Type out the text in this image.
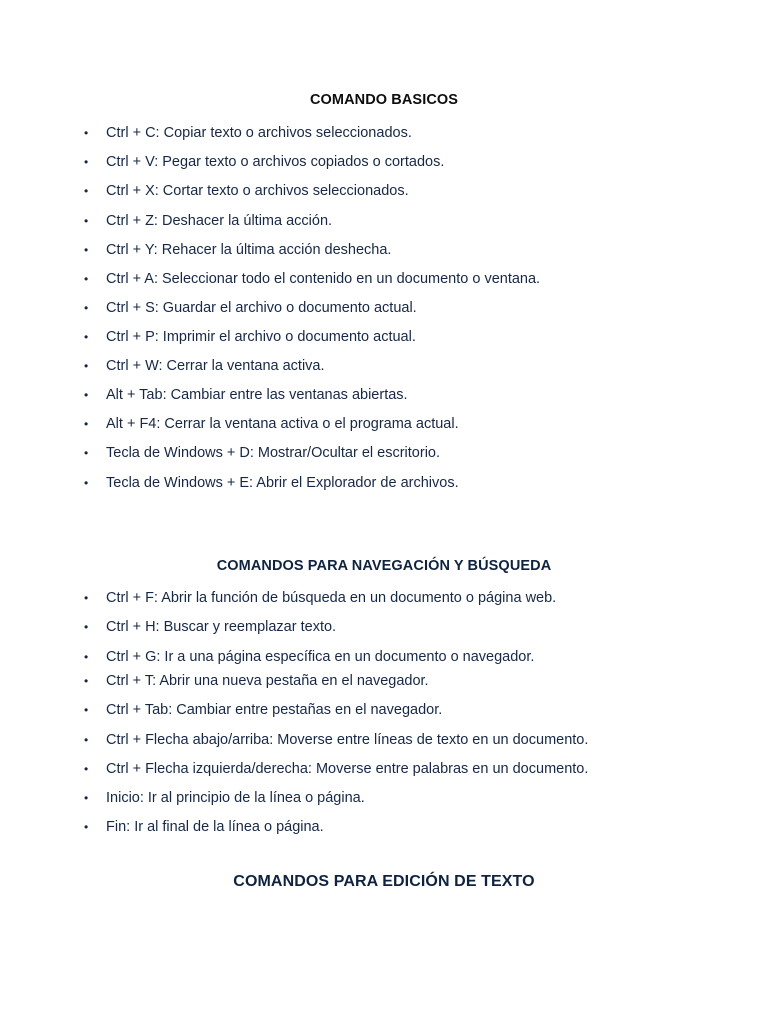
COMANDO BASICOS
• Ctrl + C: Copiar texto o archivos seleccionados.
• Ctrl + V: Pegar texto o archivos copiados o cortados.
• Ctrl + X: Cortar texto o archivos seleccionados.
• Ctrl + Z: Deshacer la última acción.
• Ctrl + Y: Rehacer la última acción deshecha.
• Ctrl + A: Seleccionar todo el contenido en un documento o ventana.
• Ctrl + S: Guardar el archivo o documento actual.
• Ctrl + P: Imprimir el archivo o documento actual.
• Ctrl + W: Cerrar la ventana activa.
• Alt + Tab: Cambiar entre las ventanas abiertas.
• Alt + F4: Cerrar la ventana activa o el programa actual.
• Tecla de Windows + D: Mostrar/Ocultar el escritorio.
• Tecla de Windows + E: Abrir el Explorador de archivos.
COMANDOS PARA NAVEGACIÓN Y BÚSQUEDA
• Ctrl + F: Abrir la función de búsqueda en un documento o página web.
• Ctrl + H: Buscar y reemplazar texto.
• Ctrl + G: Ir a una página específica en un documento o navegador.
• Ctrl + T: Abrir una nueva pestaña en el navegador.
• Ctrl + Tab: Cambiar entre pestañas en el navegador.
• Ctrl + Flecha abajo/arriba: Moverse entre líneas de texto en un documento.
• Ctrl + Flecha izquierda/derecha: Moverse entre palabras en un documento.
• Inicio: Ir al principio de la línea o página.
• Fin: Ir al final de la línea o página.
COMANDOS PARA EDICIÓN DE TEXTO
